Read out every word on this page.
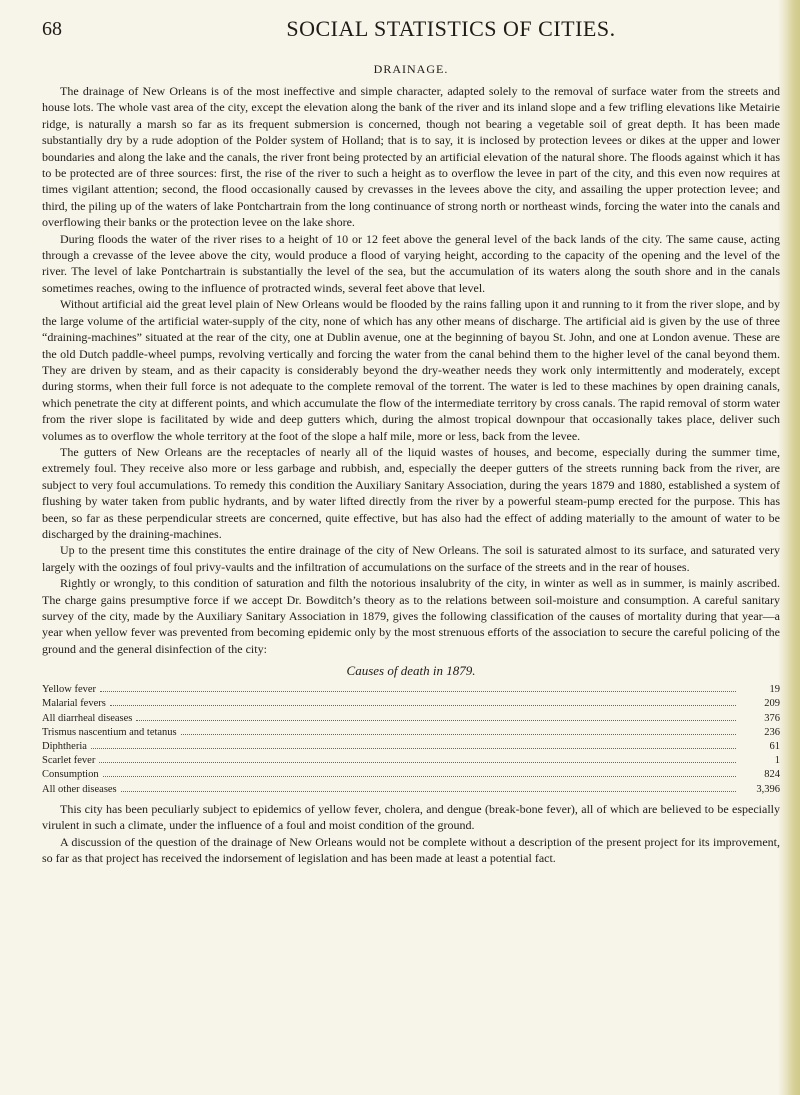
68	SOCIAL STATISTICS OF CITIES.
DRAINAGE.

The drainage of New Orleans is of the most ineffective and simple character, adapted solely to the removal of surface water from the streets and house lots. The whole vast area of the city, except the elevation along the bank of the river and its inland slope and a few trifling elevations like Metairie ridge, is naturally a marsh so far as its frequent submersion is concerned, though not bearing a vegetable soil of great depth. It has been made substantially dry by a rude adoption of the Polder system of Holland; that is to say, it is inclosed by protection levees or dikes at the upper and lower boundaries and along the lake and the canals, the river front being protected by an artificial elevation of the natural shore. The floods against which it has to be protected are of three sources: first, the rise of the river to such a height as to overflow the levee in part of the city, and this even now requires at times vigilant attention; second, the flood occasionally caused by crevasses in the levees above the city, and assailing the upper protection levee; and third, the piling up of the waters of lake Pontchartrain from the long continuance of strong north or northeast winds, forcing the water into the canals and overflowing their banks or the protection levee on the lake shore.

During floods the water of the river rises to a height of 10 or 12 feet above the general level of the back lands of the city. The same cause, acting through a crevasse of the levee above the city, would produce a flood of varying height, according to the capacity of the opening and the level of the river. The level of lake Pontchartrain is substantially the level of the sea, but the accumulation of its waters along the south shore and in the canals sometimes reaches, owing to the influence of protracted winds, several feet above that level.

Without artificial aid the great level plain of New Orleans would be flooded by the rains falling upon it and running to it from the river slope, and by the large volume of the artificial water-supply of the city, none of which has any other means of discharge. The artificial aid is given by the use of three “draining-machines” situated at the rear of the city, one at Dublin avenue, one at the beginning of bayou St. John, and one at London avenue. These are the old Dutch paddle-wheel pumps, revolving vertically and forcing the water from the canal behind them to the higher level of the canal beyond them. They are driven by steam, and as their capacity is considerably beyond the dry-weather needs they work only intermittently and moderately, except during storms, when their full force is not adequate to the complete removal of the torrent. The water is led to these machines by open draining canals, which penetrate the city at different points, and which accumulate the flow of the intermediate territory by cross canals. The rapid removal of storm water from the river slope is facilitated by wide and deep gutters which, during the almost tropical downpour that occasionally takes place, deliver such volumes as to overflow the whole territory at the foot of the slope a half mile, more or less, back from the levee.

The gutters of New Orleans are the receptacles of nearly all of the liquid wastes of houses, and become, especially during the summer time, extremely foul. They receive also more or less garbage and rubbish, and, especially the deeper gutters of the streets running back from the river, are subject to very foul accumulations. To remedy this condition the Auxiliary Sanitary Association, during the years 1879 and 1880, established a system of flushing by water taken from public hydrants, and by water lifted directly from the river by a powerful steam-pump erected for the purpose. This has been, so far as these perpendicular streets are concerned, quite effective, but has also had the effect of adding materially to the amount of water to be discharged by the draining-machines.

Up to the present time this constitutes the entire drainage of the city of New Orleans. The soil is saturated almost to its surface, and saturated very largely with the oozings of foul privy-vaults and the infiltration of accumulations on the surface of the streets and in the rear of houses.

Rightly or wrongly, to this condition of saturation and filth the notorious insalubrity of the city, in winter as well as in summer, is mainly ascribed. The charge gains presumptive force if we accept Dr. Bowditch’s theory as to the relations between soil-moisture and consumption. A careful sanitary survey of the city, made by the Auxiliary Sanitary Association in 1879, gives the following classification of the causes of mortality during that year—a year when yellow fever was prevented from becoming epidemic only by the most strenuous efforts of the association to secure the careful policing of the ground and the general disinfection of the city:

Causes of death in 1879.
Yellow fever	19
Malarial fevers	209
All diarrheal diseases	376
Trismus nascentium and tetanus	236
Diphtheria	61
Scarlet fever	1
Consumption	824
All other diseases	3,396

This city has been peculiarly subject to epidemics of yellow fever, cholera, and dengue (break-bone fever), all of which are believed to be especially virulent in such a climate, under the influence of a foul and moist condition of the ground.

A discussion of the question of the drainage of New Orleans would not be complete without a description of the present project for its improvement, so far as that project has received the indorsement of legislation and has been made at least a potential fact.
